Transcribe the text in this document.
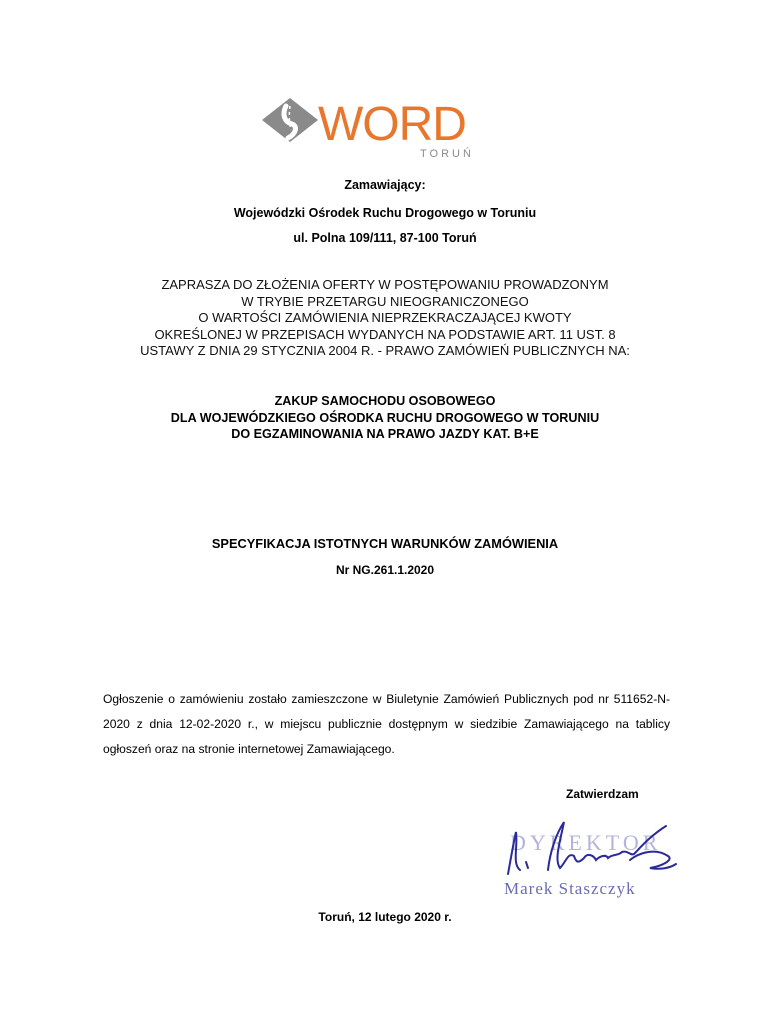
WORD
TORUŃ
Zamawiający:
Wojewódzki Ośrodek Ruchu Drogowego w Toruniu
ul. Polna 109/111, 87-100 Toruń
ZAPRASZA DO ZŁOŻENIA OFERTY W POSTĘPOWANIU PROWADZONYM
W TRYBIE PRZETARGU NIEOGRANICZONEGO
O WARTOŚCI ZAMÓWIENIA NIEPRZEKRACZAJĄCEJ KWOTY
OKREŚLONEJ W PRZEPISACH WYDANYCH NA PODSTAWIE ART. 11 UST. 8
USTAWY Z DNIA 29 STYCZNIA 2004 R. - PRAWO ZAMÓWIEŃ PUBLICZNYCH NA:
ZAKUP SAMOCHODU OSOBOWEGO
DLA WOJEWÓDZKIEGO OŚRODKA RUCHU DROGOWEGO W TORUNIU
DO EGZAMINOWANIA NA PRAWO JAZDY KAT. B+E
SPECYFIKACJA ISTOTNYCH WARUNKÓW ZAMÓWIENIA
Nr NG.261.1.2020
Ogłoszenie o zamówieniu zostało zamieszczone w Biuletynie Zamówień Publicznych pod nr 511652-N-2020 z dnia 12-02-2020 r., w miejscu publicznie dostępnym w siedzibie Zamawiającego na tablicy ogłoszeń oraz na stronie internetowej Zamawiającego.
Zatwierdzam
DYREKTOR
Marek Staszczyk
Toruń, 12 lutego 2020 r.
